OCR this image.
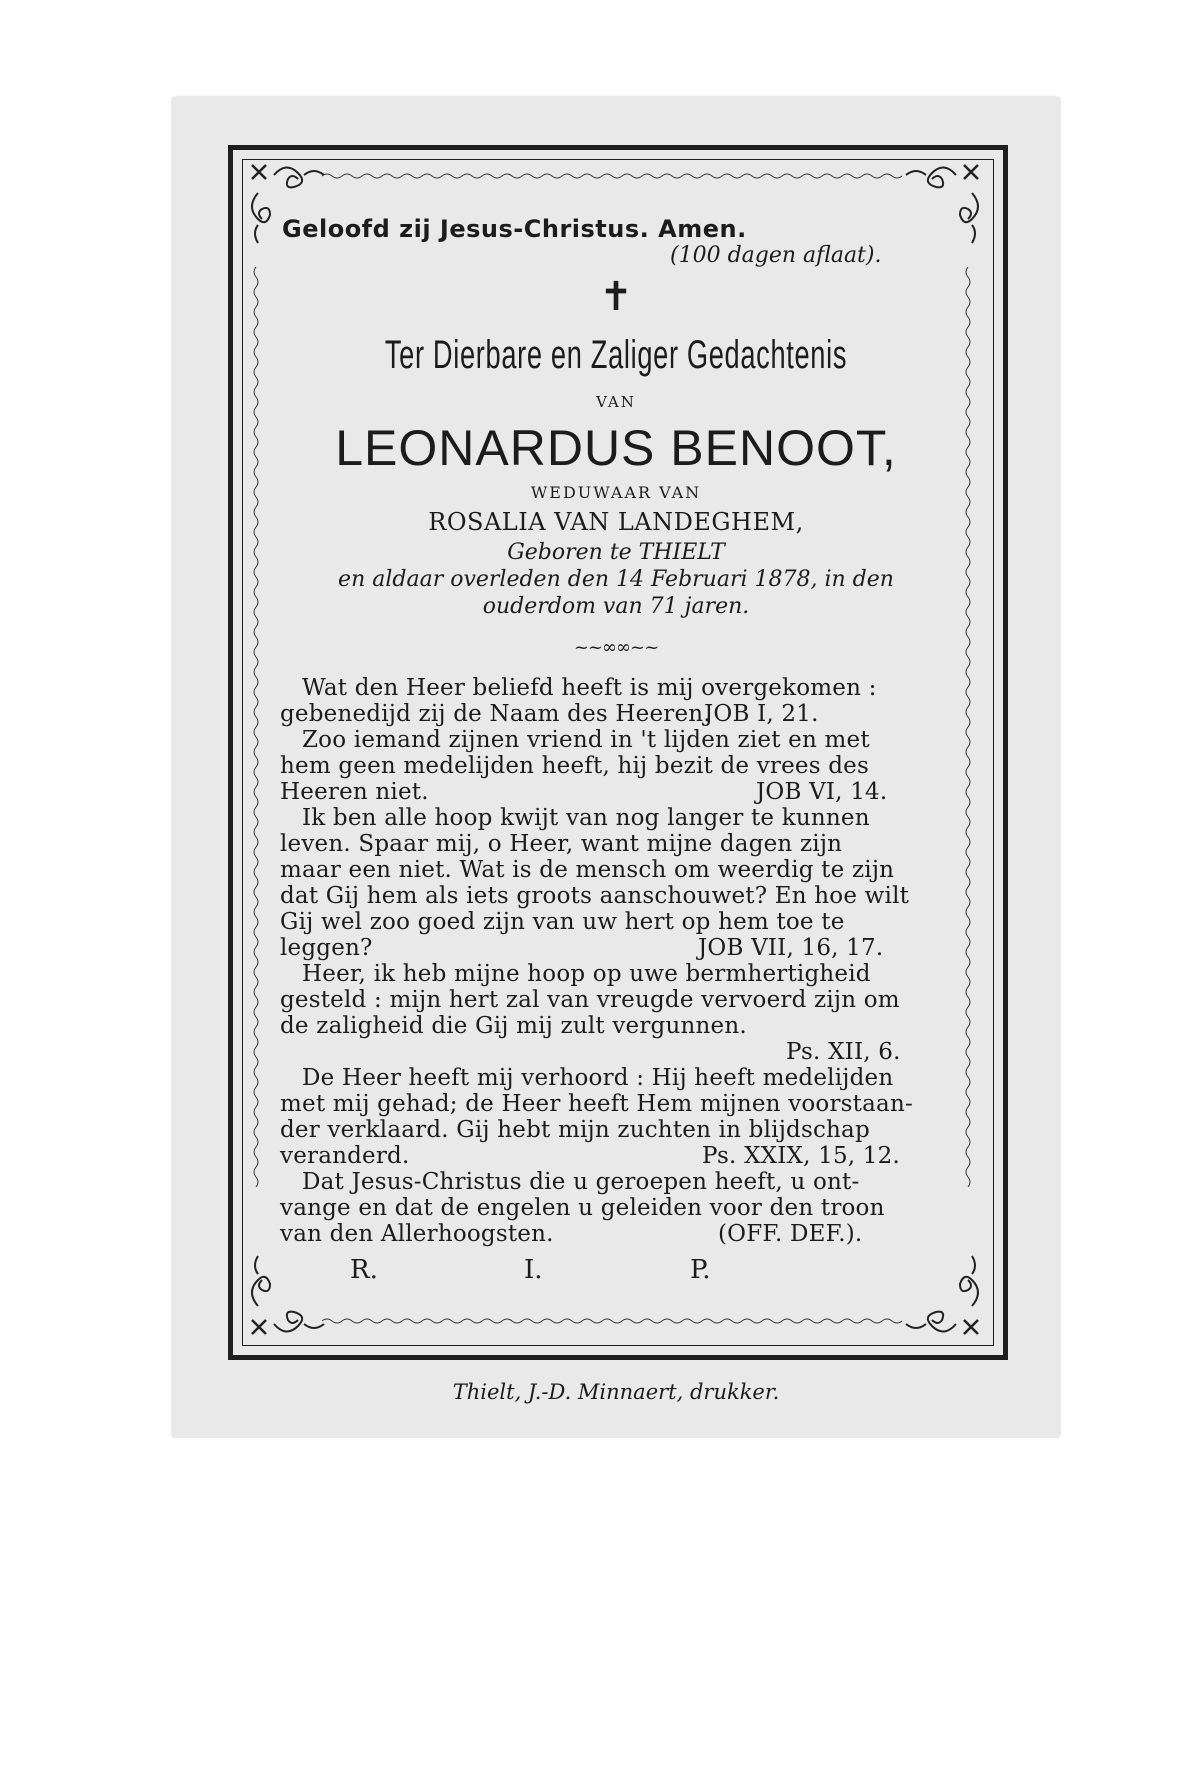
Geloofd zij Jesus-Christus. Amen.
(100 dagen aflaat).
✝
Ter Dierbare en Zaliger Gedachtenis
VAN
LEONARDUS BENOOT,
WEDUWAAR VAN
ROSALIA VAN LANDEGHEM,
Geboren te THIELT
en aldaar overleden den 14 Februari 1878, in den
ouderdom van 71 jaren.
~~∞∞~~
Wat den Heer beliefd heeft is mij overgekomen :
gebenedijd zij de Naam des Heeren.
JOB I, 21.
Zoo iemand zijnen vriend in 't lijden ziet en met
hem geen medelijden heeft, hij bezit de vrees des
Heeren niet.	JOB VI, 14.
Ik ben alle hoop kwijt van nog langer te kunnen
leven. Spaar mij, o Heer, want mijne dagen zijn
maar een niet. Wat is de mensch om weerdig te zijn
dat Gij hem als iets groots aanschouwet? En hoe wilt
Gij wel zoo goed zijn van uw hert op hem toe te
leggen?	JOB VII, 16, 17.
Heer, ik heb mijne hoop op uwe bermhertigheid
gesteld : mijn hert zal van vreugde vervoerd zijn om
de zaligheid die Gij mij zult vergunnen.
Ps. XII, 6.
De Heer heeft mij verhoord : Hij heeft medelijden
met mij gehad; de Heer heeft Hem mijnen voorstaan-
der verklaard. Gij hebt mijn zuchten in blijdschap
veranderd.	Ps. XXIX, 15, 12.
Dat Jesus-Christus die u geroepen heeft, u ont-
vange en dat de engelen u geleiden voor den troon
van den Allerhoogsten.	(OFF. DEF.).
R.	I.	P.
Thielt, J.-D. Minnaert, drukker.
